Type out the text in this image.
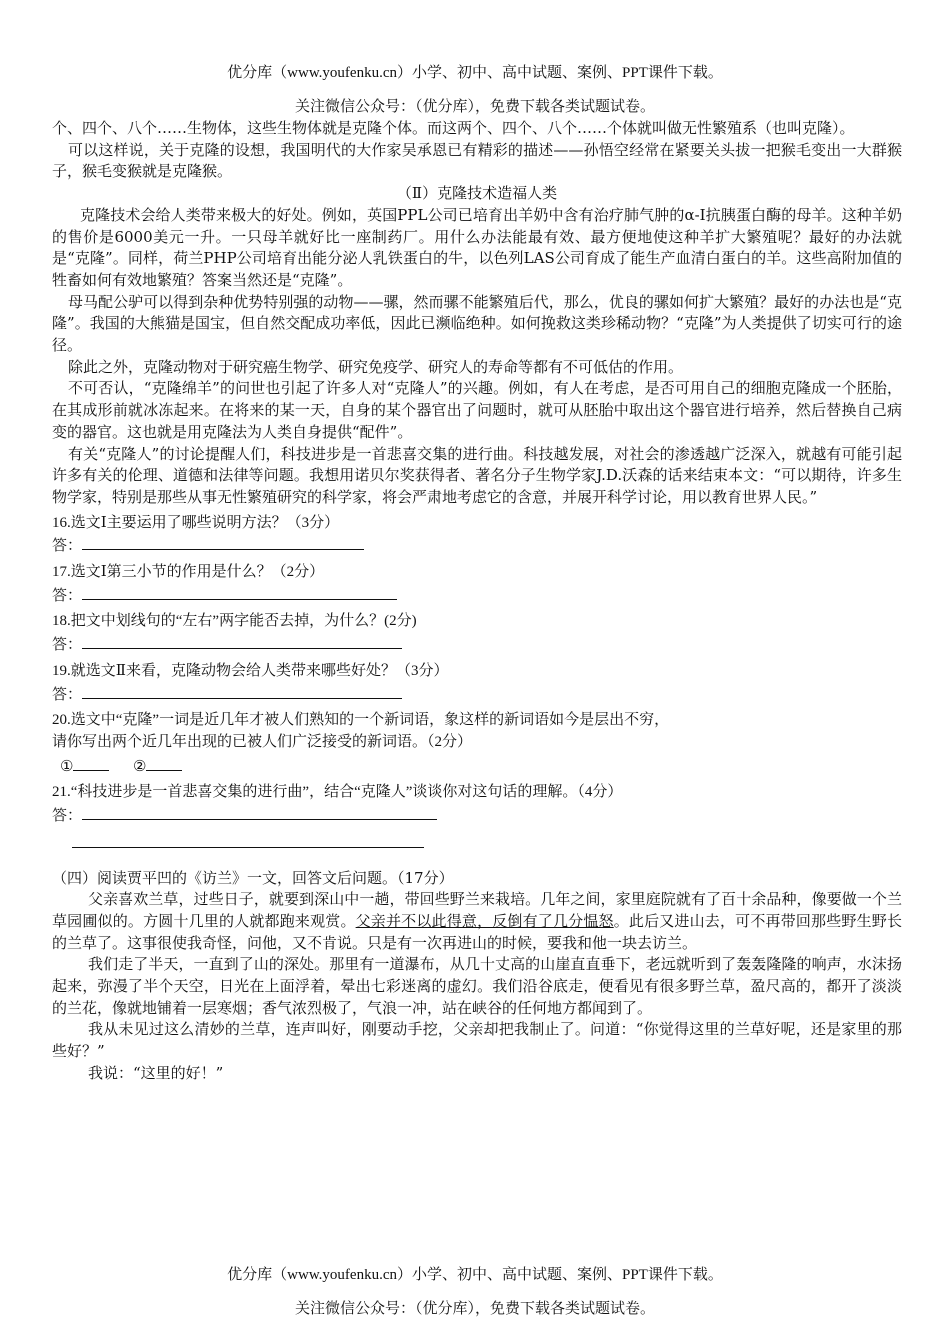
优分库（www.youfenku.cn）小学、初中、高中试题、案例、PPT课件下载。
关注微信公众号：（优分库），免费下载各类试题试卷。

个、四个、八个……生物体，这些生物体就是克隆个体。而这两个、四个、八个……个体就叫做无性繁殖系（也叫克隆）。

可以这样说，关于克隆的设想，我国明代的大作家吴承恩已有精彩的描述——孙悟空经常在紧要关头拔一把猴毛变出一大群猴子，猴毛变猴就是克隆猴。

（Ⅱ）克隆技术造福人类

克隆技术会给人类带来极大的好处。例如，英国PPL公司已培育出羊奶中含有治疗肺气肿的α-I抗胰蛋白酶的母羊。这种羊奶的售价是6000美元一升。一只母羊就好比一座制药厂。用什么办法能最有效、最方便地使这种羊扩大繁殖呢？最好的办法就是“克隆”。同样，荷兰PHP公司培育出能分泌人乳铁蛋白的牛，以色列LAS公司育成了能生产血清白蛋白的羊。这些高附加值的牲畜如何有效地繁殖？答案当然还是“克隆”。

母马配公驴可以得到杂种优势特别强的动物——骡，然而骡不能繁殖后代，那么，优良的骡如何扩大繁殖？最好的办法也是“克隆”。我国的大熊猫是国宝，但自然交配成功率低，因此已濒临绝种。如何挽救这类珍稀动物？“克隆”为人类提供了切实可行的途径。

除此之外，克隆动物对于研究癌生物学、研究免疫学、研究人的寿命等都有不可低估的作用。

不可否认，“克隆绵羊”的问世也引起了许多人对“克隆人”的兴趣。例如，有人在考虑，是否可用自己的细胞克隆成一个胚胎，在其成形前就冰冻起来。在将来的某一天，自身的某个器官出了问题时，就可从胚胎中取出这个器官进行培养，然后替换自己病变的器官。这也就是用克隆法为人类自身提供“配件”。

有关“克隆人”的讨论提醒人们，科技进步是一首悲喜交集的进行曲。科技越发展，对社会的渗透越广泛深入，就越有可能引起许多有关的伦理、道德和法律等问题。我想用诺贝尔奖获得者、著名分子生物学家J.D.沃森的话来结束本文：“可以期待，许多生物学家，特别是那些从事无性繁殖研究的科学家，将会严肃地考虑它的含意，并展开科学讨论，用以教育世界人民。”

16.选文Ⅰ主要运用了哪些说明方法？（3分）
答：
17.选文Ⅰ第三小节的作用是什么？（2分）
答：
18.把文中划线句的“左右”两字能否去掉，为什么？(2分)
答：
19.就选文Ⅱ来看，克隆动物会给人类带来哪些好处？（3分）
答：
20.选文中“克隆”一词是近几年才被人们熟知的一个新词语，象这样的新词语如今是层出不穷，
请你写出两个近几年出现的已被人们广泛接受的新词语。（2分）
①	②
21.“科技进步是一首悲喜交集的进行曲”，结合“克隆人”谈谈你对这句话的理解。（4分）
答：

（四）阅读贾平凹的《访兰》一文，回答文后问题。（17分）

父亲喜欢兰草，过些日子，就要到深山中一趟，带回些野兰来栽培。几年之间，家里庭院就有了百十余品种，像要做一个兰草园圃似的。方圆十几里的人就都跑来观赏。父亲并不以此得意，反倒有了几分愠怒。此后又进山去，可不再带回那些野生野长的兰草了。这事很使我奇怪，问他，又不肯说。只是有一次再进山的时候，要我和他一块去访兰。

我们走了半天，一直到了山的深处。那里有一道瀑布，从几十丈高的山崖直直垂下，老远就听到了轰轰隆隆的响声，水沫扬起来，弥漫了半个天空，日光在上面浮着，晕出七彩迷离的虚幻。我们沿谷底走，便看见有很多野兰草，盈尺高的，都开了淡淡的兰花，像就地铺着一层寒烟；香气浓烈极了，气浪一冲，站在峡谷的任何地方都闻到了。

我从未见过这么清妙的兰草，连声叫好，刚要动手挖，父亲却把我制止了。问道：“你觉得这里的兰草好呢，还是家里的那些好？”

我说：“这里的好！”

优分库（www.youfenku.cn）小学、初中、高中试题、案例、PPT课件下载。
关注微信公众号：（优分库），免费下载各类试题试卷。
